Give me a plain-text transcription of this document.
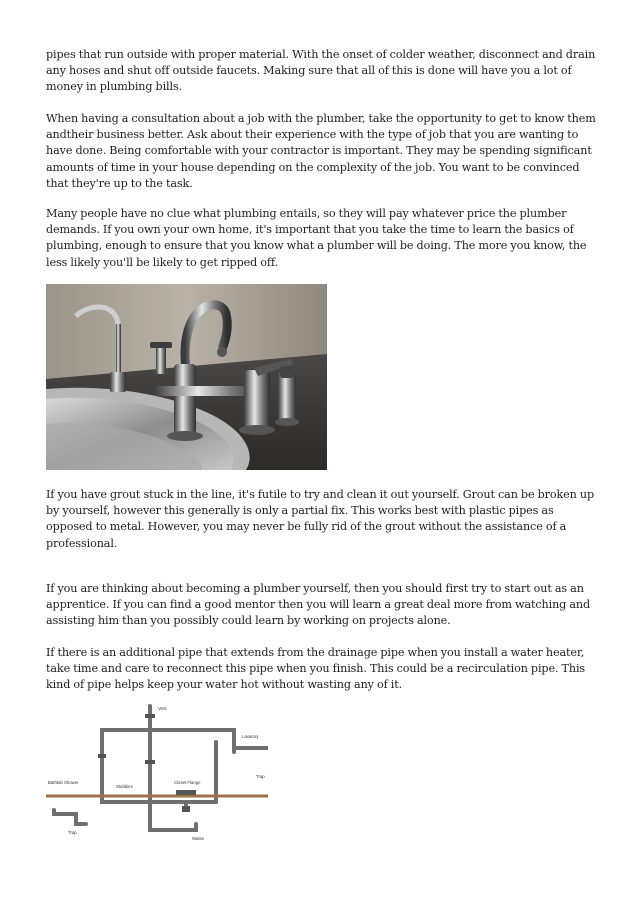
pipes that run outside with proper material. With the onset of colder weather, disconnect and drain any hoses and shut off outside faucets. Making sure that all of this is done will have you a lot of money in plumbing bills.

When having a consultation about a job with the plumber, take the opportunity to get to know them andtheir business better. Ask about their experience with the type of job that you are wanting to have done. Being comfortable with your contractor is important. They may be spending significant amounts of time in your house depending on the complexity of the job. You want to be convinced that they're up to the task.

Many people have no clue what plumbing entails, so they will pay whatever price the plumber demands. If you own your own home, it's important that you take the time to learn the basics of plumbing, enough to ensure that you know what a plumber will be doing. The more you know, the less likely you'll be likely to get ripped off.

If you have grout stuck in the line, it's futile to try and clean it out yourself. Grout can be broken up by yourself, however this generally is only a partial fix. This works best with plastic pipes as opposed to metal. However, you may never be fully rid of the grout without the assistance of a professional.

If you are thinking about becoming a plumber yourself, then you should first try to start out as an apprentice. If you can find a good mentor then you will learn a great deal more from watching and assisting him than you possibly could learn by working on projects alone.

If there is an additional pipe that extends from the drainage pipe when you install a water heater, take time and care to reconnect this pipe when you finish. This could be a recirculation pipe. This kind of pipe helps keep your water hot without wasting any of it.

Vent
Lavatory
Trap
Bathtub Shower
Stubbies
Closet Flange
Trap
Waste
